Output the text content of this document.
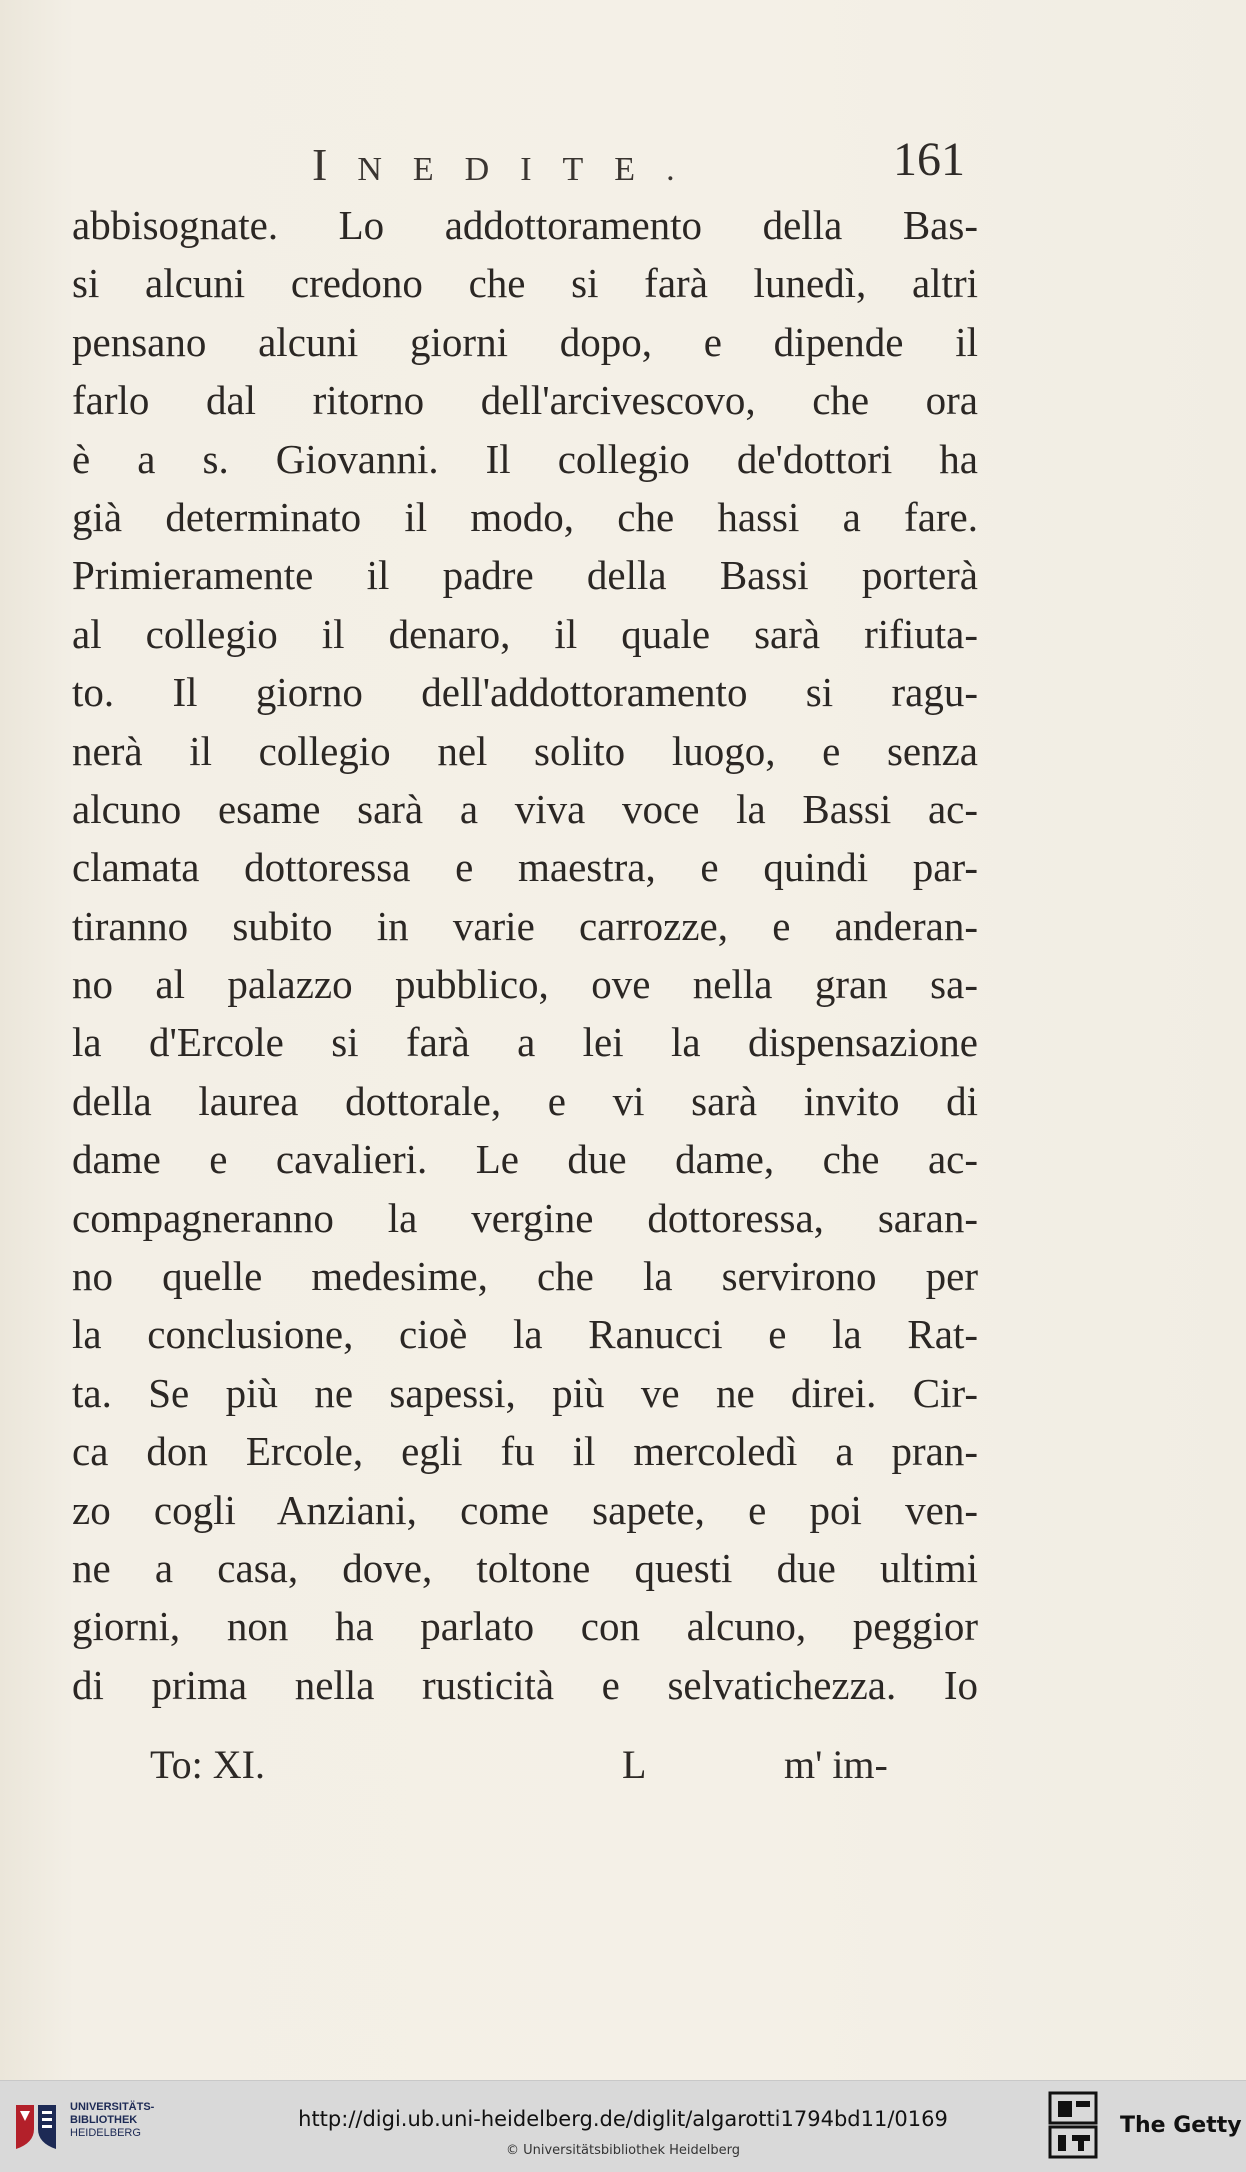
INEDITE.	161
abbisognate. Lo addottoramento della Bas-
si alcuni credono che si farà lunedì, altri
pensano alcuni giorni dopo, e dipende il
farlo dal ritorno dell'arcivescovo, che ora
è a s. Giovanni. Il collegio de'dottori ha
già determinato il modo, che hassi a fare.
Primieramente il padre della Bassi porterà
al collegio il denaro, il quale sarà rifiuta-
to. Il giorno dell'addottoramento si ragu-
nerà il collegio nel solito luogo, e senza
alcuno esame sarà a viva voce la Bassi ac-
clamata dottoressa e maestra, e quindi par-
tiranno subito in varie carrozze, e anderan-
no al palazzo pubblico, ove nella gran sa-
la d'Ercole si farà a lei la dispensazione
della laurea dottorale, e vi sarà invito di
dame e cavalieri. Le due dame, che ac-
compagneranno la vergine dottoressa, saran-
no quelle medesime, che la servirono per
la conclusione, cioè la Ranucci e la Rat-
ta. Se più ne sapessi, più ve ne direi. Cir-
ca don Ercole, egli fu il mercoledì a pran-
zo cogli Anziani, come sapete, e poi ven-
ne a casa, dove, toltone questi due ultimi
giorni, non ha parlato con alcuno, peggior
di prima nella rusticità e selvatichezza. Io
To: XI.	L	m' im-
UNIVERSITÄTS-
BIBLIOTHEK
HEIDELBERG
http://digi.ub.uni-heidelberg.de/diglit/algarotti1794bd11/0169
© Universitätsbibliothek Heidelberg
The Getty
